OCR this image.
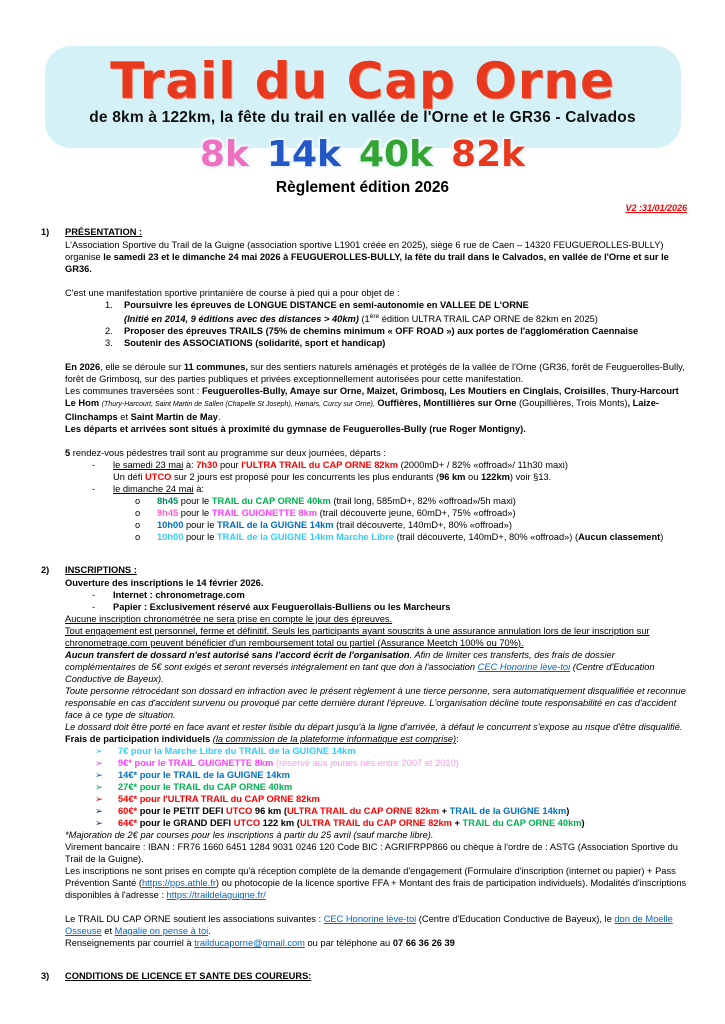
Trail du Cap Orne
de 8km à 122km, la fête du trail en vallée de l'Orne et le GR36 - Calvados
8k 14k 40k 82k
Règlement édition 2026
V2 :31/01/2026
1) PRÉSENTATION :
L'Association Sportive du Trail de la Guigne (association sportive L1901 créée en 2025), siège 6 rue de Caen – 14320 FEUGUEROLLES-BULLY) organise le samedi 23 et le dimanche 24 mai 2026 à FEUGUEROLLES-BULLY, la fête du trail dans le Calvados, en vallée de l'Orne et sur le GR36.
C'est une manifestation sportive printanière de course à pied qui a pour objet de :
1.	Poursuivre les épreuves de LONGUE DISTANCE en semi-autonomie en VALLEE DE L'ORNE
(Initié en 2014, 9 éditions avec des distances > 40km) (1ère édition ULTRA TRAIL CAP ORNE de 82km en 2025)
2.	Proposer des épreuves TRAILS (75% de chemins minimum « OFF ROAD ») aux portes de l'agglomération Caennaise
3.	Soutenir des ASSOCIATIONS (solidarité, sport et handicap)
En 2026, elle se déroule sur 11 communes, sur des sentiers naturels aménagés et protégés de la vallée de l'Orne (GR36, forêt de Feuguerolles-Bully, forêt de Grimbosq, sur des parties publiques et privées exceptionnellement autorisées pour cette manifestation.
Les communes traversées sont : Feuguerolles-Bully, Amaye sur Orne, Maizet, Grimbosq, Les Moutiers en Cinglais, Croisilles, Thury-Harcourt Le Hom (Thury-Harcourt, Saint Martin de Sallen (Chapelle St Joseph), Hamars, Curcy sur Orne), Ouffières, Montillières sur Orne (Goupillières, Trois Monts), Laize-Clinchamps et Saint Martin de May.
Les départs et arrivées sont situés à proximité du gymnase de Feuguerolles-Bully (rue Roger Montigny).
5 rendez-vous pédestres trail sont au programme sur deux journées, départs :
-	le samedi 23 mai à: 7h30 pour l'ULTRA TRAIL du CAP ORNE 82km (2000mD+ / 82% «offroad»/ 11h30 maxi)
Un défi UTCO sur 2 jours est proposé pour les concurrents les plus endurants (96 km ou 122km) voir §13.
-	le dimanche 24 mai à:
o	8h45 pour le TRAIL du CAP ORNE 40km (trail long, 585mD+, 82% «offroad»/5h maxi)
o	9h45 pour le TRAIL GUIGNETTE 8km (trail découverte jeune, 60mD+, 75% «offroad»)
o	10h00 pour le TRAIL de la GUIGNE 14km (trail découverte, 140mD+, 80% «offroad»)
o	10h00 pour le TRAIL de la GUIGNE 14km Marche Libre (trail découverte, 140mD+, 80% «offroad») (Aucun classement)
2) INSCRIPTIONS :
Ouverture des inscriptions le 14 février 2026.
-	Internet : chronometrage.com
-	Papier : Exclusivement réservé aux Feuguerollais-Bulliens ou les Marcheurs
Aucune inscription chronométrée ne sera prise en compte le jour des épreuves.
Tout engagement est personnel, ferme et définitif. Seuls les participants ayant souscrits à une assurance annulation lors de leur inscription sur chronometrage.com peuvent bénéficier d'un remboursement total ou partiel (Assurance Meetch 100% ou 70%).
Aucun transfert de dossard n'est autorisé sans l'accord écrit de l'organisation. Afin de limiter ces transferts, des frais de dossier complémentaires de 5€ sont exigés et seront reversés intégralement en tant que don à l'association CEC Honorine lève-toi (Centre d'Education Conductive de Bayeux).
Toute personne rétrocédant son dossard en infraction avec le présent règlement à une tierce personne, sera automatiquement disqualifiée et reconnue responsable en cas d'accident survenu ou provoqué par cette dernière durant l'épreuve. L'organisation décline toute responsabilité en cas d'accident face à ce type de situation.
Le dossard doit être porté en face avant et rester lisible du départ jusqu'à la ligne d'arrivée, à défaut le concurrent s'expose au risque d'être disqualifié.
Frais de participation individuels (la commission de la plateforme informatique est comprise):
➢	7€ pour la Marche Libre du TRAIL de la GUIGNE 14km
➢	9€* pour le TRAIL GUIGNETTE 8km (réservé aux jeunes nés entre 2007 et 2010)
➢	14€* pour le TRAIL de la GUIGNE 14km
➢	27€* pour le TRAIL du CAP ORNE 40km
➢	54€* pour l'ULTRA TRAIL du CAP ORNE 82km
➢	60€* pour le PETIT DEFI UTCO 96 km (ULTRA TRAIL du CAP ORNE 82km + TRAIL de la GUIGNE 14km)
➢	64€* pour le GRAND DEFI UTCO 122 km (ULTRA TRAIL du CAP ORNE 82km + TRAIL du CAP ORNE 40km)
*Majoration de 2€ par courses pour les inscriptions à partir du 25 avril (sauf marche libre).
Virement bancaire : IBAN : FR76 1660 6451 1284 9031 0246 120 Code BIC : AGRIFRPP866 ou chèque à l'ordre de : ASTG (Association Sportive du Trail de la Guigne).
Les inscriptions ne sont prises en compte qu'à réception complète de la demande d'engagement (Formulaire d'inscription (internet ou papier) + Pass Prévention Santé (https://pps.athle.fr) ou photocopie de la licence sportive FFA + Montant des frais de participation individuels). Modalités d'inscriptions disponibles à l'adresse : https://traildelaguigne.fr/
Le TRAIL DU CAP ORNE soutient les associations suivantes : CEC Honorine lève-toi (Centre d'Education Conductive de Bayeux), le don de Moelle Osseuse et Magalie on pense à toi.
Renseignements par courriel à trailducaporne@gmail.com ou par téléphone au 07 66 36 26 39
3) CONDITIONS DE LICENCE ET SANTE DES COUREURS:
